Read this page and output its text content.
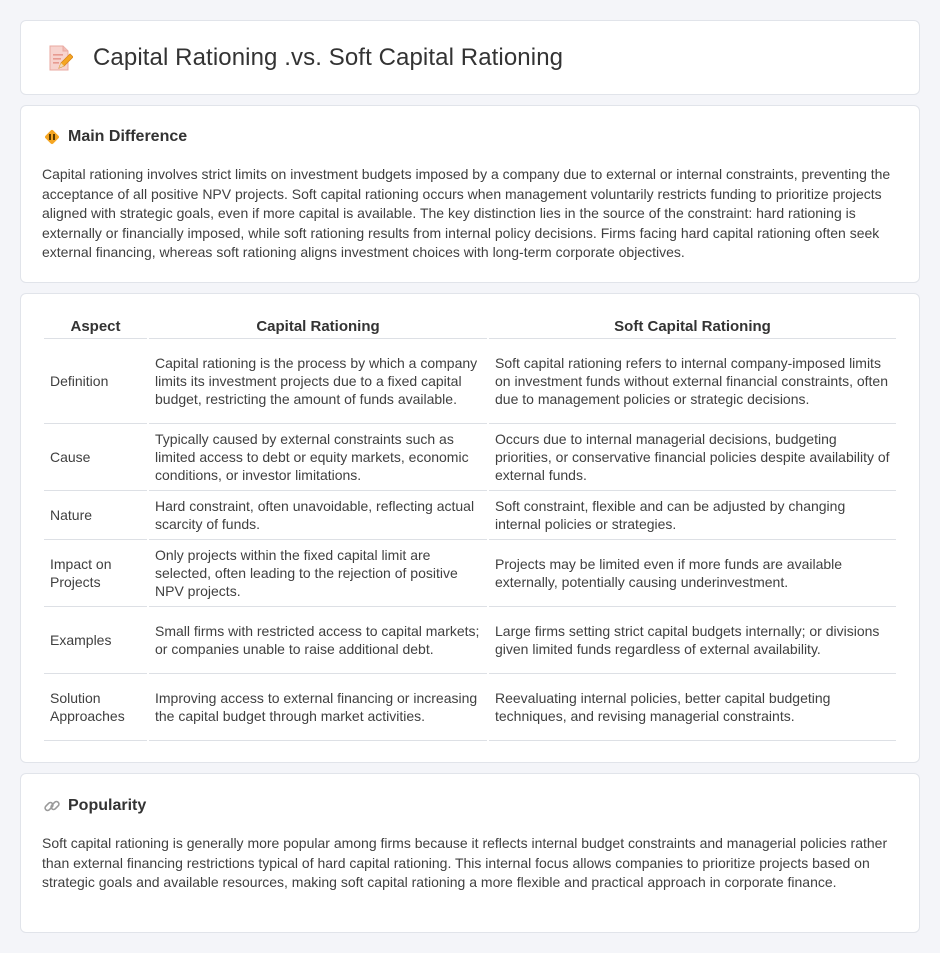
Capital Rationing .vs. Soft Capital Rationing
Main Difference

Capital rationing involves strict limits on investment budgets imposed by a company due to external or internal constraints, preventing the acceptance of all positive NPV projects. Soft capital rationing occurs when management voluntarily restricts funding to prioritize projects aligned with strategic goals, even if more capital is available. The key distinction lies in the source of the constraint: hard rationing is externally or financially imposed, while soft rationing results from internal policy decisions. Firms facing hard capital rationing often seek external financing, whereas soft rationing aligns investment choices with long-term corporate objectives.

Aspect	Capital Rationing	Soft Capital Rationing
Definition	Capital rationing is the process by which a company limits its investment projects due to a fixed capital budget, restricting the amount of funds available.	Soft capital rationing refers to internal company-imposed limits on investment funds without external financial constraints, often due to management policies or strategic decisions.
Cause	Typically caused by external constraints such as limited access to debt or equity markets, economic conditions, or investor limitations.	Occurs due to internal managerial decisions, budgeting priorities, or conservative financial policies despite availability of external funds.
Nature	Hard constraint, often unavoidable, reflecting actual scarcity of funds.	Soft constraint, flexible and can be adjusted by changing internal policies or strategies.
Impact on Projects	Only projects within the fixed capital limit are selected, often leading to the rejection of positive NPV projects.	Projects may be limited even if more funds are available externally, potentially causing underinvestment.
Examples	Small firms with restricted access to capital markets; or companies unable to raise additional debt.	Large firms setting strict capital budgets internally; or divisions given limited funds regardless of external availability.
Solution Approaches	Improving access to external financing or increasing the capital budget through market activities.	Reevaluating internal policies, better capital budgeting techniques, and revising managerial constraints.
Popularity

Soft capital rationing is generally more popular among firms because it reflects internal budget constraints and managerial policies rather than external financing restrictions typical of hard capital rationing. This internal focus allows companies to prioritize projects based on strategic goals and available resources, making soft capital rationing a more flexible and practical approach in corporate finance.
